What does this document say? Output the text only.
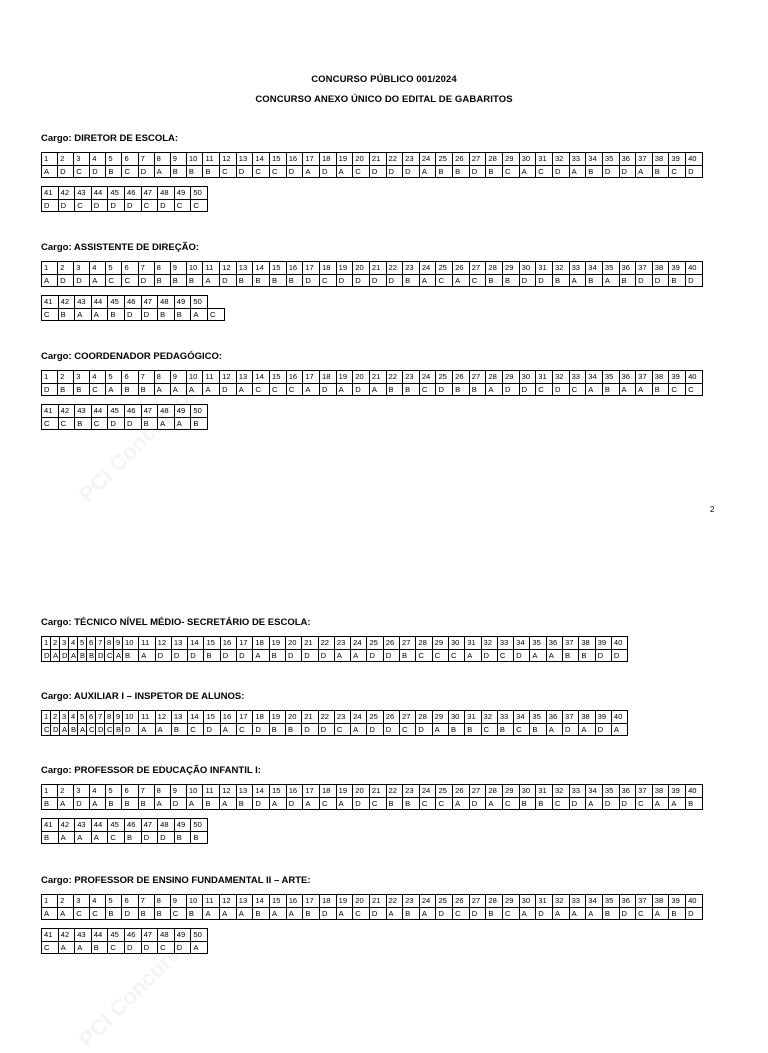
CONCURSO PÚBLICO 001/2024
CONCURSO ANEXO ÚNICO DO EDITAL DE GABARITOS
Cargo: DIRETOR DE ESCOLA:
1	2	3	4	5	6	7	8	9	10	11	12	13	14	15	16	17	18	19	20	21	22	23	24	25	26	27	28	29	30	31	32	33	34	35	36	37	38	39	40
A	D	C	D	B	C	D	A	B	B	B	C	D	C	C	D	A	D	A	C	D	D	D	A	B	B	D	B	C	A	C	D	A	B	D	D	A	B	C	D
41	42	43	44	45	46	47	48	49	50
D	D	C	D	D	D	C	D	C	C
Cargo: ASSISTENTE DE DIREÇÃO:
1	2	3	4	5	6	7	8	9	10	11	12	13	14	15	16	17	18	19	20	21	22	23	24	25	26	27	28	29	30	31	32	33	34	35	36	37	38	39	40
A	D	D	A	C	C	D	B	B	B	A	D	B	B	B	B	D	C	D	D	D	D	B	A	C	A	C	B	B	D	D	B	A	B	A	B	D	D	B	D
41	42	43	44	45	46	47	48	49	50
C	B	A	A	B	D	D	B	B	A	C
Cargo: COORDENADOR PEDAGÓGICO:
1	2	3	4	5	6	7	8	9	10	11	12	13	14	15	16	17	18	19	20	21	22	23	24	25	26	27	28	29	30	31	32	33	34	35	36	37	38	39	40
D	B	B	C	A	B	B	A	A	A	A	D	A	C	C	C	A	D	A	D	A	B	B	C	D	B	B	A	D	D	C	D	C	A	B	A	A	B	C	C
41	42	43	44	45	46	47	48	49	50
C	C	B	C	D	D	B	A	A	B
2
Cargo: TÉCNICO NÍVEL MÉDIO- SECRETÁRIO DE ESCOLA:
1 2 3 4 5 6 7 8 9 10	11	12	13	14	15	16	17	18	19	20	21	22	23	24	25	26	27	28	29	30	31	32	33	34	35	36	37	38	39	40
D A D A B B D C A B	A	D	D	D	B	D	D	A	B	D	D	D	A	A	D	D	B	C	C	C	A	D	C	D	A	A	B	B	D	D
Cargo: AUXILIAR I – INSPETOR DE ALUNOS:
1 2 3 4 5 6 7 8 9 10	11	12	13	14	15	16	17	18	19	20	21	22	23	24	25	26	27	28	29	30	31	32	33	34	35	36	37	38	39	40
C D A B A C D C B D	A	A	B	C	D	A	C	D	B	B	D	D	C	A	D	D	C	D	A	B	B	C	B	C	B	A	D	A	D	A
Cargo: PROFESSOR DE EDUCAÇÃO INFANTIL I:
1	2	3	4	5	6	7	8	9	10	11	12	13	14	15	16	17	18	19	20	21	22	23	24	25	26	27	28	29	30	31	32	33	34	35	36	37	38	39	40
B	A	D	A	B	B	B	A	D	A	B	A	B	D	A	D	A	C	A	D	C	B	B	C	C	A	D	A	C	B	B	C	D	A	D	D	C	A	A	B
41	42	43	44	45	46	47	48	49	50
B	A	A	A	C	B	D	D	B	B
Cargo: PROFESSOR DE ENSINO FUNDAMENTAL II – ARTE:
1	2	3	4	5	6	7	8	9	10	11	12	13	14	15	16	17	18	19	20	21	22	23	24	25	26	27	28	29	30	31	32	33	34	35	36	37	38	39	40
A	A	C	C	B	D	B	B	C	B	A	A	A	B	A	A	B	D	A	C	D	A	B	A	D	C	D	B	C	A	D	A	A	A	B	D	C	A	B	D
41	42	43	44	45	46	47	48	49	50
C	A	A	B	C	D	D	C	D	A
